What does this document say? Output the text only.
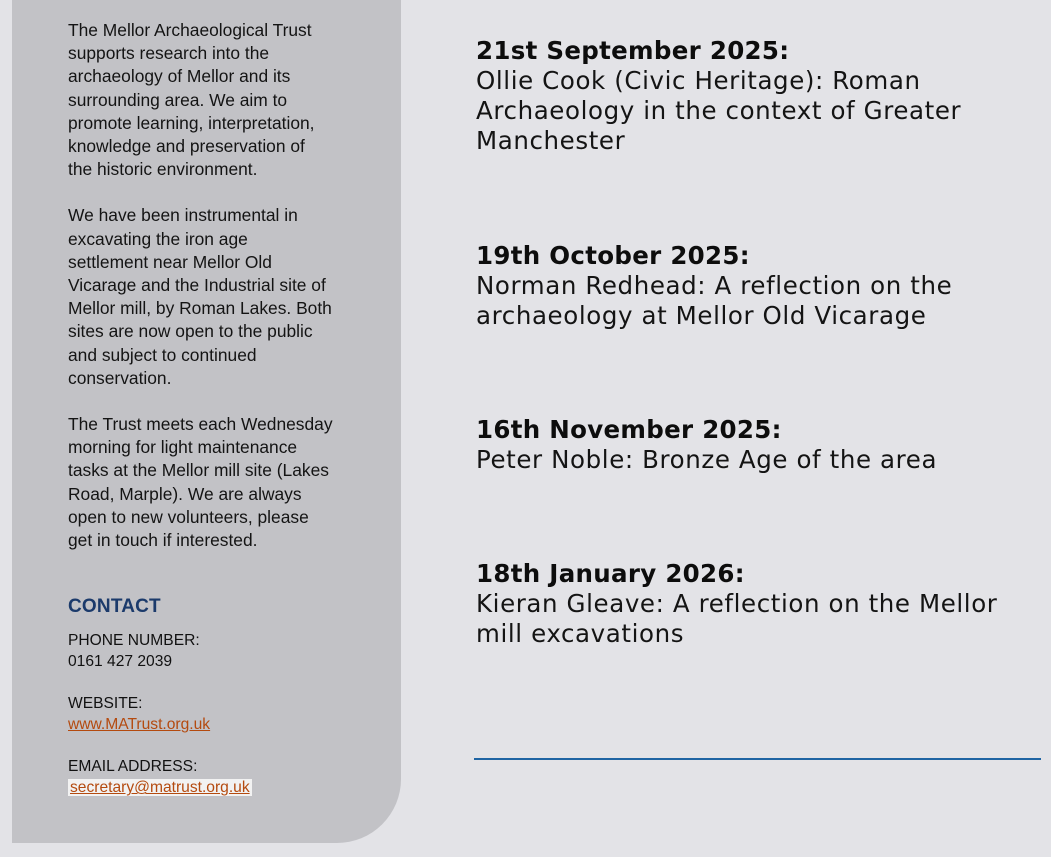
The Mellor Archaeological Trust
supports research into the
archaeology of Mellor and its
surrounding area. We aim to
promote learning, interpretation,
knowledge and preservation of
the historic environment.

We have been instrumental in
excavating the iron age
settlement near Mellor Old
Vicarage and the Industrial site of
Mellor mill, by Roman Lakes. Both
sites are now open to the public
and subject to continued
conservation.

The Trust meets each Wednesday
morning for light maintenance
tasks at the Mellor mill site (Lakes
Road, Marple). We are always
open to new volunteers, please
get in touch if interested.

CONTACT
PHONE NUMBER:
0161 427 2039
WEBSITE:
www.MATrust.org.uk
EMAIL ADDRESS:
secretary@matrust.org.uk
21st September 2025:
Ollie Cook (Civic Heritage): Roman
Archaeology in the context of Greater
Manchester
19th October 2025:
Norman Redhead: A reflection on the
archaeology at Mellor Old Vicarage
16th November 2025:
Peter Noble: Bronze Age of the area
18th January 2026:
Kieran Gleave: A reflection on the Mellor
mill excavations
